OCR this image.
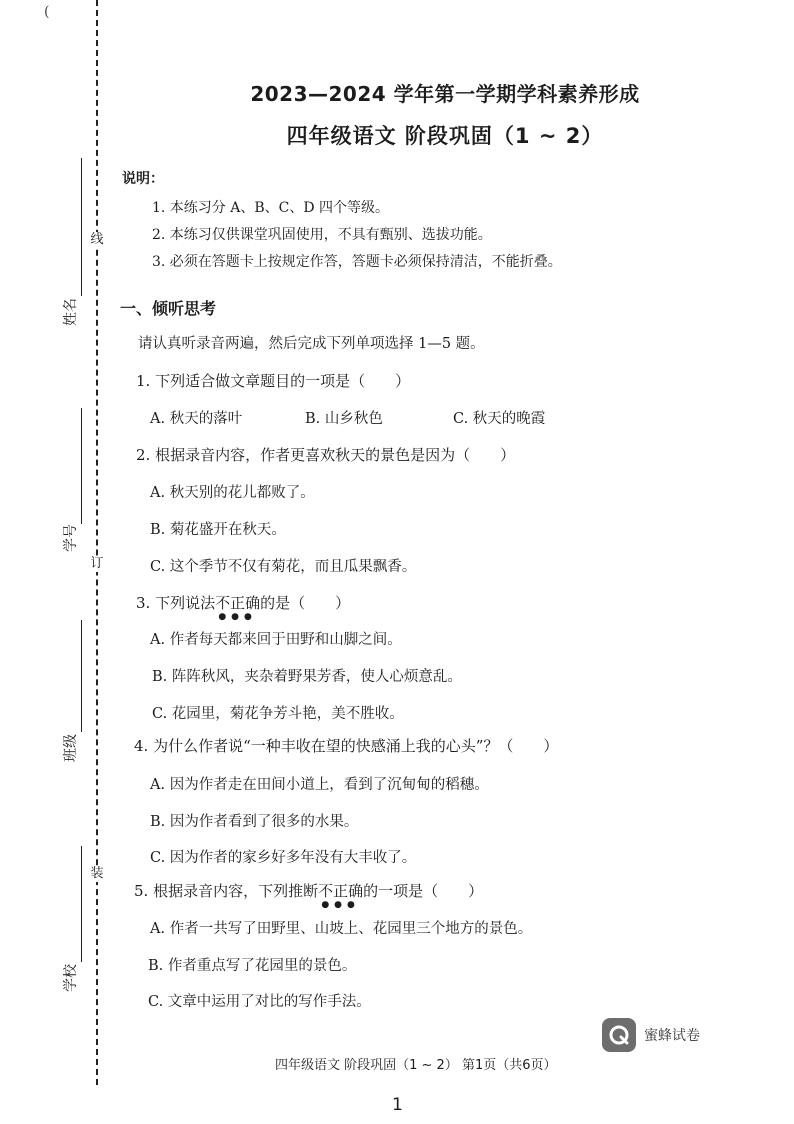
(
线
订
装
姓名
学号
班级
学校
2023—2024 学年第一学期学科素养形成
四年级语文 阶段巩固（1 ~ 2）
说明：
1. 本练习分 A、B、C、D 四个等级。
2. 本练习仅供课堂巩固使用，不具有甄别、选拔功能。
3. 必须在答题卡上按规定作答，答题卡必须保持清洁，不能折叠。
一、倾听思考
请认真听录音两遍，然后完成下列单项选择 1—5 题。
1. 下列适合做文章题目的一项是（　　）
A. 秋天的落叶	B. 山乡秋色	C. 秋天的晚霞
2. 根据录音内容，作者更喜欢秋天的景色是因为（　　）
A. 秋天别的花儿都败了。
B. 菊花盛开在秋天。
C. 这个季节不仅有菊花，而且瓜果飘香。
3. 下列说法不正确
●●●
的是（　　）
A. 作者每天都来回于田野和山脚之间。
B. 阵阵秋风，夹杂着野果芳香，使人心烦意乱。
C. 花园里，菊花争芳斗艳，美不胜收。
4. 为什么作者说“一种丰收在望的快感涌上我的心头”？（　　）
A. 因为作者走在田间小道上，看到了沉甸甸的稻穗。
B. 因为作者看到了很多的水果。
C. 因为作者的家乡好多年没有大丰收了。
5. 根据录音内容，下列推断不正确
●●●
的一项是（　　）
A. 作者一共写了田野里、山坡上、花园里三个地方的景色。
B. 作者重点写了花园里的景色。
C. 文章中运用了对比的写作手法。
蜜蜂试卷
四年级语文 阶段巩固（1 ~ 2） 第1页（共6页）
1
